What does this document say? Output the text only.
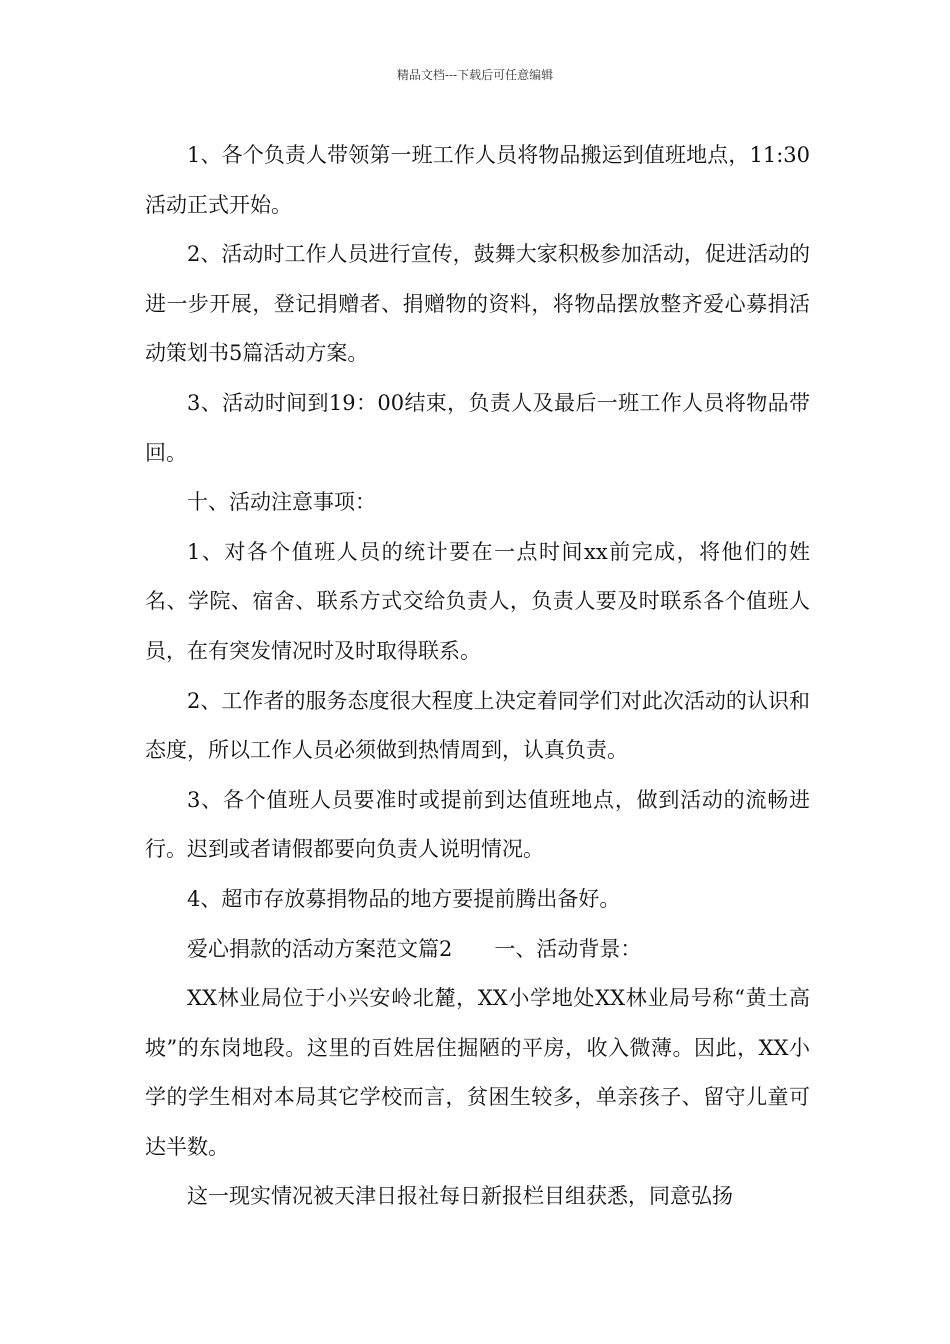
精品文档---下载后可任意编辑

1、各个负责人带领第一班工作人员将物品搬运到值班地点，11:30活动正式开始。

2、活动时工作人员进行宣传，鼓舞大家积极参加活动，促进活动的进一步开展，登记捐赠者、捐赠物的资料，将物品摆放整齐爱心募捐活动策划书5篇活动方案。

3、活动时间到19：00结束，负责人及最后一班工作人员将物品带回。

十、活动注意事项：

1、对各个值班人员的统计要在一点时间xx前完成，将他们的姓名、学院、宿舍、联系方式交给负责人，负责人要及时联系各个值班人员，在有突发情况时及时取得联系。

2、工作者的服务态度很大程度上决定着同学们对此次活动的认识和态度，所以工作人员必须做到热情周到，认真负责。

3、各个值班人员要准时或提前到达值班地点，做到活动的流畅进行。迟到或者请假都要向负责人说明情况。

4、超市存放募捐物品的地方要提前腾出备好。

爱心捐款的活动方案范文篇2 一、活动背景：

XX林业局位于小兴安岭北麓，XX小学地处XX林业局号称“黄土高坡”的东岗地段。这里的百姓居住掘陋的平房，收入微薄。因此，XX小学的学生相对本局其它学校而言，贫困生较多，单亲孩子、留守儿童可达半数。

这一现实情况被天津日报社每日新报栏目组获悉，同意弘扬
